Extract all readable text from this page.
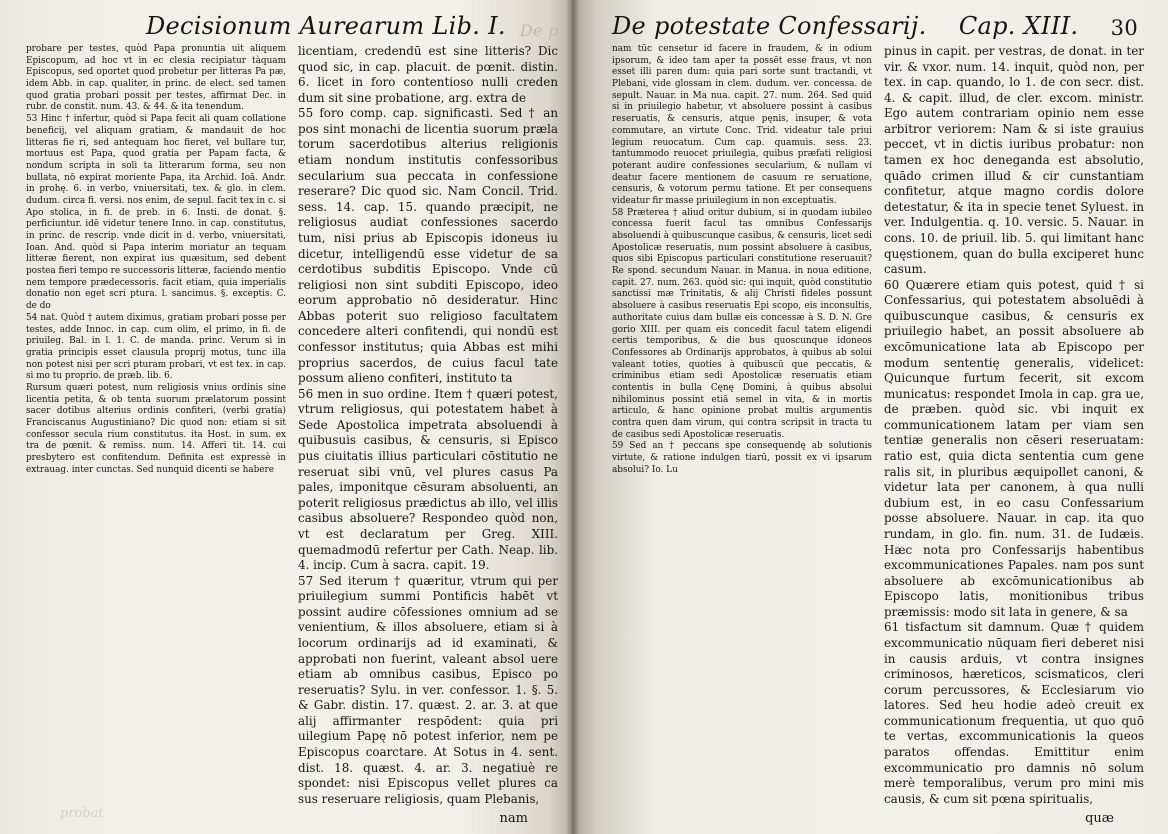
Decisionum Aurearum Lib. I. De p

probare per testes, quòd Papa pronuntia uit aliquem Episcopum, ad hoc vt in ec clesia recipiatur tàquam Episcopus, sed oportet quod probetur per litteras Pa pæ, idem Abb. in cap. qualiter, in princ. de elect. sed tamen quod gratia probari possit per testes, affirmat Dec. in rubr. de constit. num. 43. & 44. & ita tenendum.

53 Hinc † infertur, quòd si Papa fecit ali quam collatione beneficij, vel aliquam gratiam, & mandauit de hoc litteras fie ri, sed antequam hoc fieret, vel bullare tur, mortuus est Papa, quod gratia per Papam facta, & nondum scripta in soli ta litterarum forma, seu non bullata, nō expirat moriente Papa, ita Archid. Ioā. Andr. in prohę. 6. in verbo, vniuersitati, tex. & glo. in clem. dudum. circa fi. versi. nos enim, de sepul. facit tex in c. si Apo stolica, in fi. de preb. in 6. Insti. de donat. §. perficiuntur. idē videtur tenere Inno. in cap. constitutus, in princ. de rescrip. vnde dicit in d. verbo, vniuersitati, Ioan. And. quòd si Papa interim moriatur an tequam litteræ fierent, non expirat ius quæsitum, sed debent postea fieri tempo re successoris litteræ, faciendo mentio nem tempore prædecessoris. facit etiam, quia imperialis donatio non eget scri ptura. l. sancimus. §. exceptis. C. de do

54 nat. Quòd † autem diximus, gratiam probari posse per testes, adde Innoc. in cap. cum olim, el primo, in fi. de priuileg. Bal. in l. 1. C. de manda. princ. Verum si in gratia principis esset clausula proprij motus, tunc illa non potest nisi per scri pturam probari, vt est tex. in cap. si mo tu proprio. de præb. lib. 6.

Rursum quæri potest, num religiosis vnius ordinis sine licentia petita, & ob tenta suorum prælatorum possint sacer dotibus alterius ordinis confiteri, (verbi gratia) Franciscanus Augustiniano? Dic quod non: etiam si sit confessor secula rium constitutus. ita Host. in sum. ex tra de pœnit. & remiss. num. 14. Afferi tit. 14. cui presbytero est confitendum. Definita est expressè in extrauag. inter cunctas. Sed nunquid dicenti se habere

licentiam, credendū est sine litteris? Dic quod sic, in cap. placuit. de pœnit. distin. 6. licet in foro contentioso nulli creden dum sit sine probatione, arg. extra de

55 foro comp. cap. significasti. Sed † an pos sint monachi de licentia suorum præla torum sacerdotibus alterius religionis etiam nondum institutis confessoribus secularium sua peccata in confessione reserare? Dic quod sic. Nam Concil. Trid. sess. 14. cap. 15. quando præcipit, ne religiosus audiat confessiones sacerdo tum, nisi prius ab Episcopis idoneus iu dicetur, intelligendū esse videtur de sa cerdotibus subditis Episcopo. Vnde cū religiosi non sint subditi Episcopo, ideo eorum approbatio nō desideratur. Hinc Abbas poterit suo religioso facultatem concedere alteri confitendi, qui nondū est confessor institutus; quia Abbas est mihi proprius sacerdos, de cuius facul tate possum alieno confiteri, instituto ta

56 men in suo ordine. Item † quæri potest, vtrum religiosus, qui potestatem habet à Sede Apostolica impetrata absoluendi à quibusuis casibus, & censuris, si Episco pus ciuitatis illius particulari cōstitutio ne reseruat sibi vnū, vel plures casus Pa pales, imponitque cēsuram absoluenti, an poterit religiosus prædictus ab illo, vel illis casibus absoluere? Respondeo quòd non, vt est declaratum per Greg. XIII. quemadmodū refertur per Cath. Neap. lib. 4. incip. Cum à sacra. capit. 19.

57 Sed iterum † quæritur, vtrum qui per priuilegium summi Pontificis habēt vt possint audire cōfessiones omnium ad se venientium, & illos absoluere, etiam si à locorum ordinarijs ad id examinati, & approbati non fuerint, valeant absol uere etiam ab omnibus casibus, Episco po reseruatis? Sylu. in ver. confessor. 1. §. 5. & Gabr. distin. 17. quæst. 2. ar. 3. at que alij affirmanter respōdent: quia pri uilegium Papę nō potest inferior, nem pe Episcopus coarctare. At Sotus in 4. sent. dist. 18. quæst. 4. ar. 3. negatiuè re spondet: nisi Episcopus vellet plures ca sus reseruare religiosis, quam Plebanis,

nam
probat
De potestate Confessarij. Cap. XIII. 30

nam tūc censetur id facere in fraudem, & in odium ipsorum, & ideo tam aper ta possēt esse fraus, vt non esset illi paren dum: quia pari sorte sunt tractandi, vt Plebani, vide glossam in clem. dudum. ver. concessa. de sepult. Nauar. in Ma nua. capit. 27. num. 264. Sed quid si in priuilegio habetur, vt absoluere possint à casibus reseruatis, & censuris, atque pęnis, insuper, & vota commutare, an virtute Conc. Trid. videatur tale priui legium reuocatum. Cum cap. quamuis. sess. 23. tantummodo reuocet priuilegia, quibus præfati religiosi poterant audire confessiones secularium, & nullam vi deatur facere mentionem de casuum re seruatione, censuris, & votorum permu tatione. Et per consequens videatur fir masse priuilegium in non exceptuatis.

58 Præterea † aliud oritur dubium, si in quodam iubileo concessa fuerit facul tas omnibus Confessarijs absoluendi à quibuscunque casibus, & censuris, licet sedi Apostolicæ reseruatis, num possint absoluere à casibus, quos sibi Episcopus particulari constitutione reseruauit? Re spond. secundum Nauar. in Manua. in noua editione, capit. 27. num. 263. quòd sic: qui inquit, quòd constitutio sanctissi mæ Trinitatis, & alij Christi fideles possunt absoluere à casibus reseruatis Epi scopo, eis inconsultis, authoritate cuius dam bullæ eis concessæ à S. D. N. Gre gorio XIII. per quam eis concedit facul tatem eligendi certis temporibus, & die bus quoscunque idoneos Confessores ab Ordinarijs approbatos, à quibus ab solui valeant toties, quoties à quibuscū que peccatis, & criminibus etiam sedi Apostolicæ reseruatis etiam contentis in bulla Cęnę Domini, à quibus absolui nihilominus possint etiā semel in vita, & in mortis articulo, & hanc opinione probat multis argumentis contra quen dam virum, qui contra scripsit in tracta tu de casibus sedi Apostolicæ reseruatis.

59 Sed an † peccans spe consequendę ab solutionis virtute, & ratione indulgen tiarū, possit ex vi ipsarum absolui? Io. Lu

pinus in capit. per vestras, de donat. in ter vir. & vxor. num. 14. inquit, quòd non, per tex. in cap. quando, lo 1. de con secr. dist. 4. & capit. illud, de cler. excom. ministr. Ego autem contrariam opinio nem esse arbitror veriorem: Nam & si iste grauius peccet, vt in dictis iuribus probatur: non tamen ex hoc deneganda est absolutio, quādo crimen illud & cir cunstantiam confitetur, atque magno cordis dolore detestatur, & ita in specie tenet Syluest. in ver. Indulgentia. q. 10. versic. 5. Nauar. in cons. 10. de priuil. lib. 5. qui limitant hanc quęstionem, quan do bulla exciperet hunc casum.

60 Quærere etiam quis potest, quid † si Confessarius, qui potestatem absoluēdi à quibuscunque casibus, & censuris ex priuilegio habet, an possit absoluere ab excōmunicatione lata ab Episcopo per modum sententię generalis, videlicet: Quicunque furtum fecerit, sit excom municatus: respondet Imola in cap. gra ue, de præben. quòd sic. vbi inquit ex communicationem latam per viam sen tentiæ generalis non cēseri reseruatam: ratio est, quia dicta sententia cum gene ralis sit, in pluribus æquipollet canoni, & videtur lata per canonem, à qua nulli dubium est, in eo casu Confessarium posse absoluere. Nauar. in cap. ita quo rundam, in glo. fin. num. 31. de Iudæis. Hæc nota pro Confessarijs habentibus excommunicationes Papales. nam pos sunt absoluere ab excōmunicationibus ab Episcopo latis, monitionibus tribus præmissis: modo sit lata in genere, & sa

61 tisfactum sit damnum. Quæ † quidem excommunicatio nūquam fieri deberet nisi in causis arduis, vt contra insignes criminosos, hæreticos, scismaticos, cleri corum percussores, & Ecclesiarum vio latores. Sed heu hodie adeò creuit ex communicationum frequentia, ut quo quō te vertas, excommunicationis la queos paratos offendas. Emittitur enim excommunicatio pro damnis nō solum merè temporalibus, verum pro mini mis causis, & cum sit pœna spiritualis,

quæ
